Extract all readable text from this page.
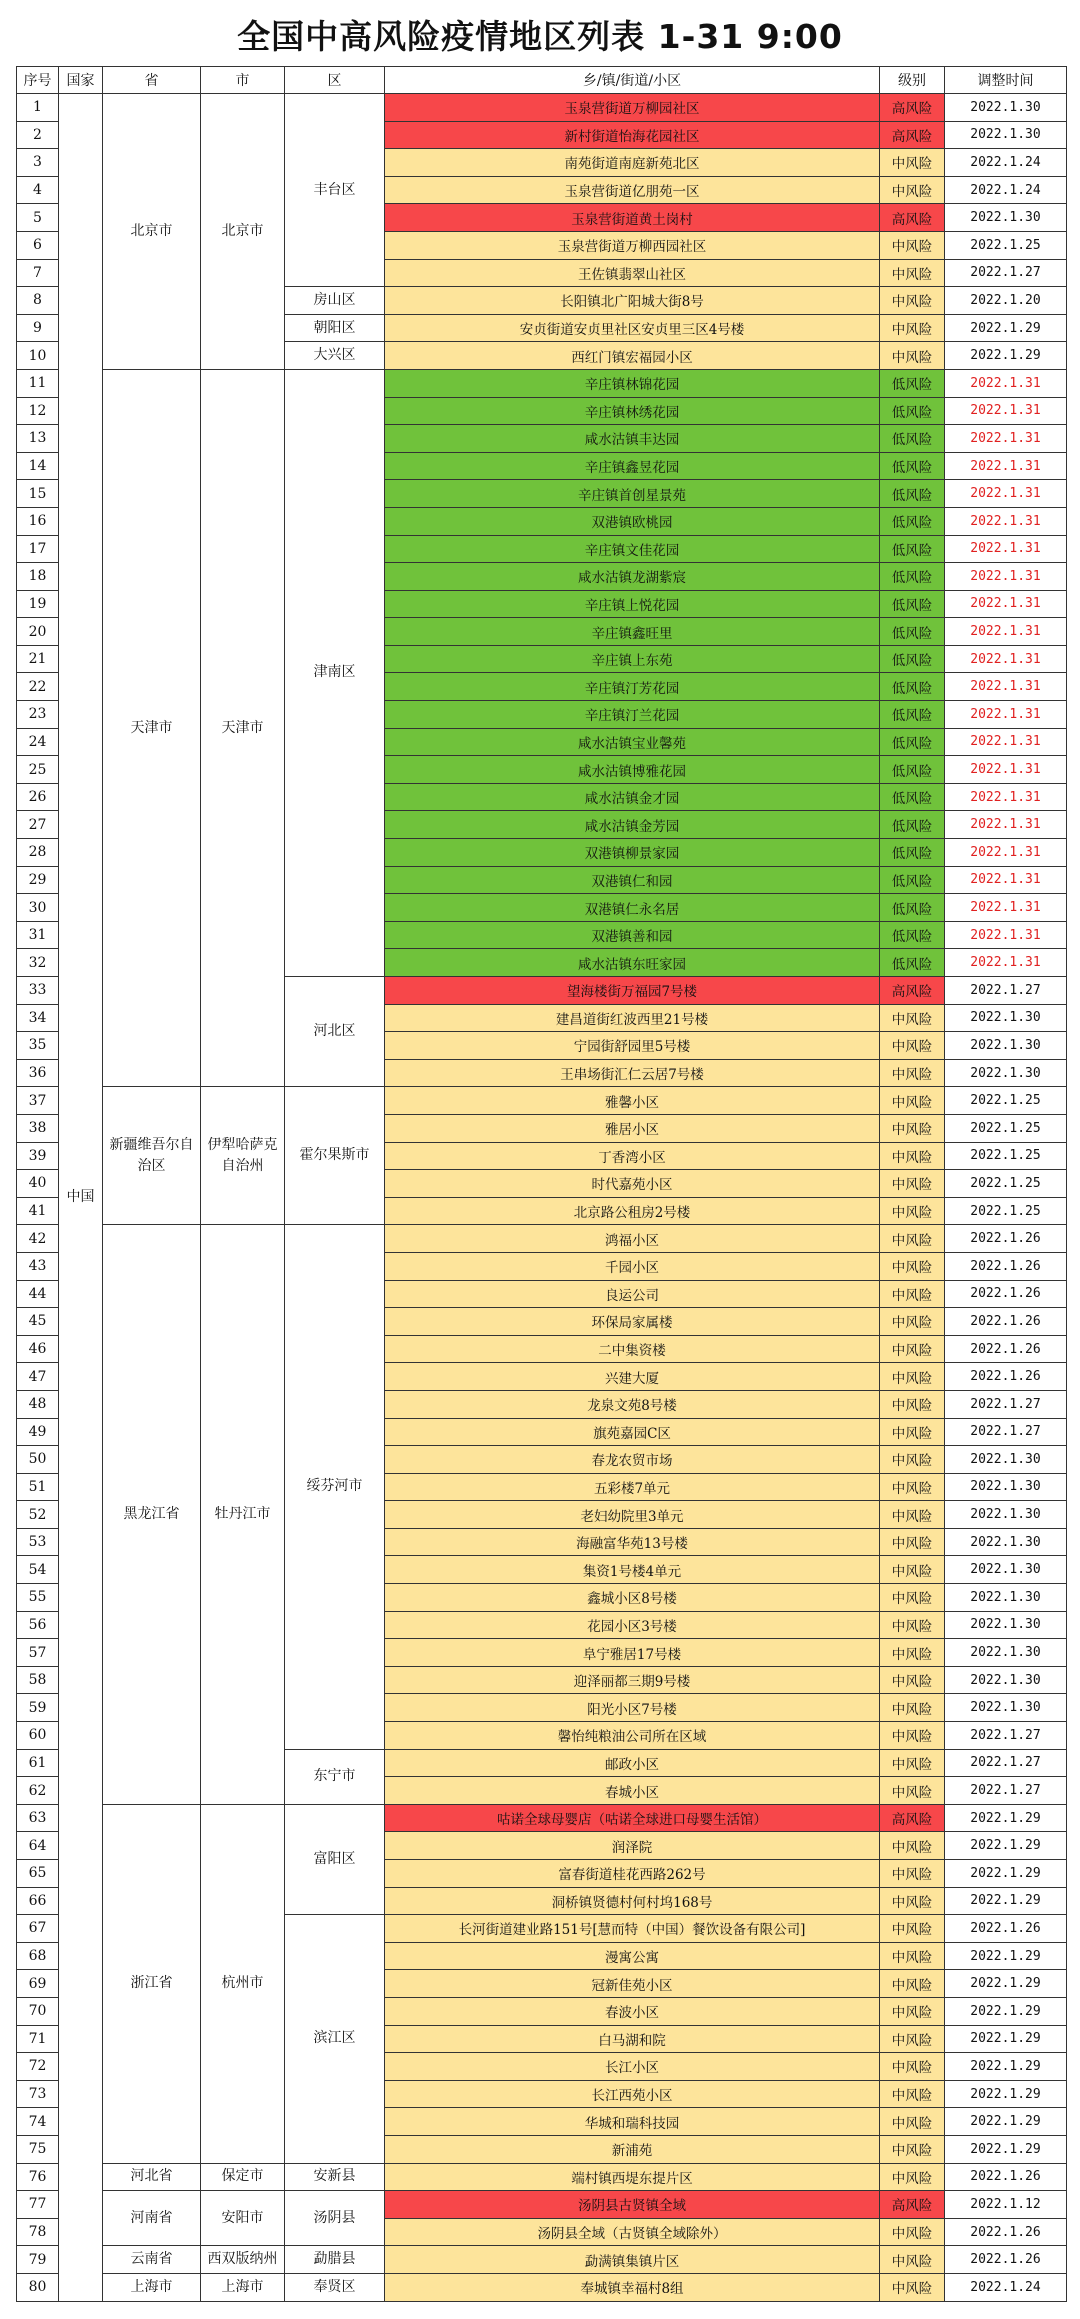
全国中高风险疫情地区列表 1-31 9:00
序号	国家	省	市	区	乡/镇/街道/小区	级别	调整时间
1	中国	北京市	北京市	丰台区	玉泉营街道万柳园社区	高风险	2022.1.30
2					新村街道怡海花园社区	高风险	2022.1.30
3					南苑街道南庭新苑北区	中风险	2022.1.24
4					玉泉营街道亿朋苑一区	中风险	2022.1.24
5					玉泉营街道黄土岗村	高风险	2022.1.30
6					玉泉营街道万柳西园社区	中风险	2022.1.25
7					王佐镇翡翠山社区	中风险	2022.1.27
8				房山区	长阳镇北广阳城大街8号	中风险	2022.1.20
9				朝阳区	安贞街道安贞里社区安贞里三区4号楼	中风险	2022.1.29
10				大兴区	西红门镇宏福园小区	中风险	2022.1.29
11		天津市	天津市	津南区	辛庄镇林锦花园	低风险	2022.1.31
12					辛庄镇林绣花园	低风险	2022.1.31
13					咸水沽镇丰达园	低风险	2022.1.31
14					辛庄镇鑫昱花园	低风险	2022.1.31
15					辛庄镇首创星景苑	低风险	2022.1.31
16					双港镇欧桃园	低风险	2022.1.31
17					辛庄镇文佳花园	低风险	2022.1.31
18					咸水沽镇龙湖紫宸	低风险	2022.1.31
19					辛庄镇上悦花园	低风险	2022.1.31
20					辛庄镇鑫旺里	低风险	2022.1.31
21					辛庄镇上东苑	低风险	2022.1.31
22					辛庄镇汀芳花园	低风险	2022.1.31
23					辛庄镇汀兰花园	低风险	2022.1.31
24					咸水沽镇宝业馨苑	低风险	2022.1.31
25					咸水沽镇博雅花园	低风险	2022.1.31
26					咸水沽镇金才园	低风险	2022.1.31
27					咸水沽镇金芳园	低风险	2022.1.31
28					双港镇柳景家园	低风险	2022.1.31
29					双港镇仁和园	低风险	2022.1.31
30					双港镇仁永名居	低风险	2022.1.31
31					双港镇善和园	低风险	2022.1.31
32					咸水沽镇东旺家园	低风险	2022.1.31
33				河北区	望海楼街万福园7号楼	高风险	2022.1.27
34					建昌道街红波西里21号楼	中风险	2022.1.30
35					宁园街舒园里5号楼	中风险	2022.1.30
36					王串场街汇仁云居7号楼	中风险	2022.1.30
37		新疆维吾尔自治区	伊犁哈萨克自治州	霍尔果斯市	雅馨小区	中风险	2022.1.25
38					雅居小区	中风险	2022.1.25
39					丁香湾小区	中风险	2022.1.25
40					时代嘉苑小区	中风险	2022.1.25
41					北京路公租房2号楼	中风险	2022.1.25
42		黑龙江省	牡丹江市	绥芬河市	鸿福小区	中风险	2022.1.26
43					千园小区	中风险	2022.1.26
44					良运公司	中风险	2022.1.26
45					环保局家属楼	中风险	2022.1.26
46					二中集资楼	中风险	2022.1.26
47					兴建大厦	中风险	2022.1.26
48					龙泉文苑8号楼	中风险	2022.1.27
49					旗苑嘉园C区	中风险	2022.1.27
50					春龙农贸市场	中风险	2022.1.30
51					五彩楼7单元	中风险	2022.1.30
52					老妇幼院里3单元	中风险	2022.1.30
53					海融富华苑13号楼	中风险	2022.1.30
54					集资1号楼4单元	中风险	2022.1.30
55					鑫城小区8号楼	中风险	2022.1.30
56					花园小区3号楼	中风险	2022.1.30
57					阜宁雅居17号楼	中风险	2022.1.30
58					迎泽丽都三期9号楼	中风险	2022.1.30
59					阳光小区7号楼	中风险	2022.1.30
60					馨怡纯粮油公司所在区域	中风险	2022.1.27
61				东宁市	邮政小区	中风险	2022.1.27
62					春城小区	中风险	2022.1.27
63		浙江省	杭州市	富阳区	咕诺全球母婴店（咕诺全球进口母婴生活馆）	高风险	2022.1.29
64					润泽院	中风险	2022.1.29
65					富春街道桂花西路262号	中风险	2022.1.29
66					洞桥镇贤德村何村坞168号	中风险	2022.1.29
67				滨江区	长河街道建业路151号[慧而特（中国）餐饮设备有限公司]	中风险	2022.1.26
68					漫寓公寓	中风险	2022.1.29
69					冠新佳苑小区	中风险	2022.1.29
70					春波小区	中风险	2022.1.29
71					白马湖和院	中风险	2022.1.29
72					长江小区	中风险	2022.1.29
73					长江西苑小区	中风险	2022.1.29
74					华城和瑞科技园	中风险	2022.1.29
75					新浦苑	中风险	2022.1.29
76		河北省	保定市	安新县	端村镇西堤东提片区	中风险	2022.1.26
77		河南省	安阳市	汤阴县	汤阴县古贤镇全域	高风险	2022.1.12
78					汤阴县全域（古贤镇全域除外）	中风险	2022.1.26
79		云南省	西双版纳州	勐腊县	勐满镇集镇片区	中风险	2022.1.26
80		上海市	上海市	奉贤区	奉城镇幸福村8组	中风险	2022.1.24
